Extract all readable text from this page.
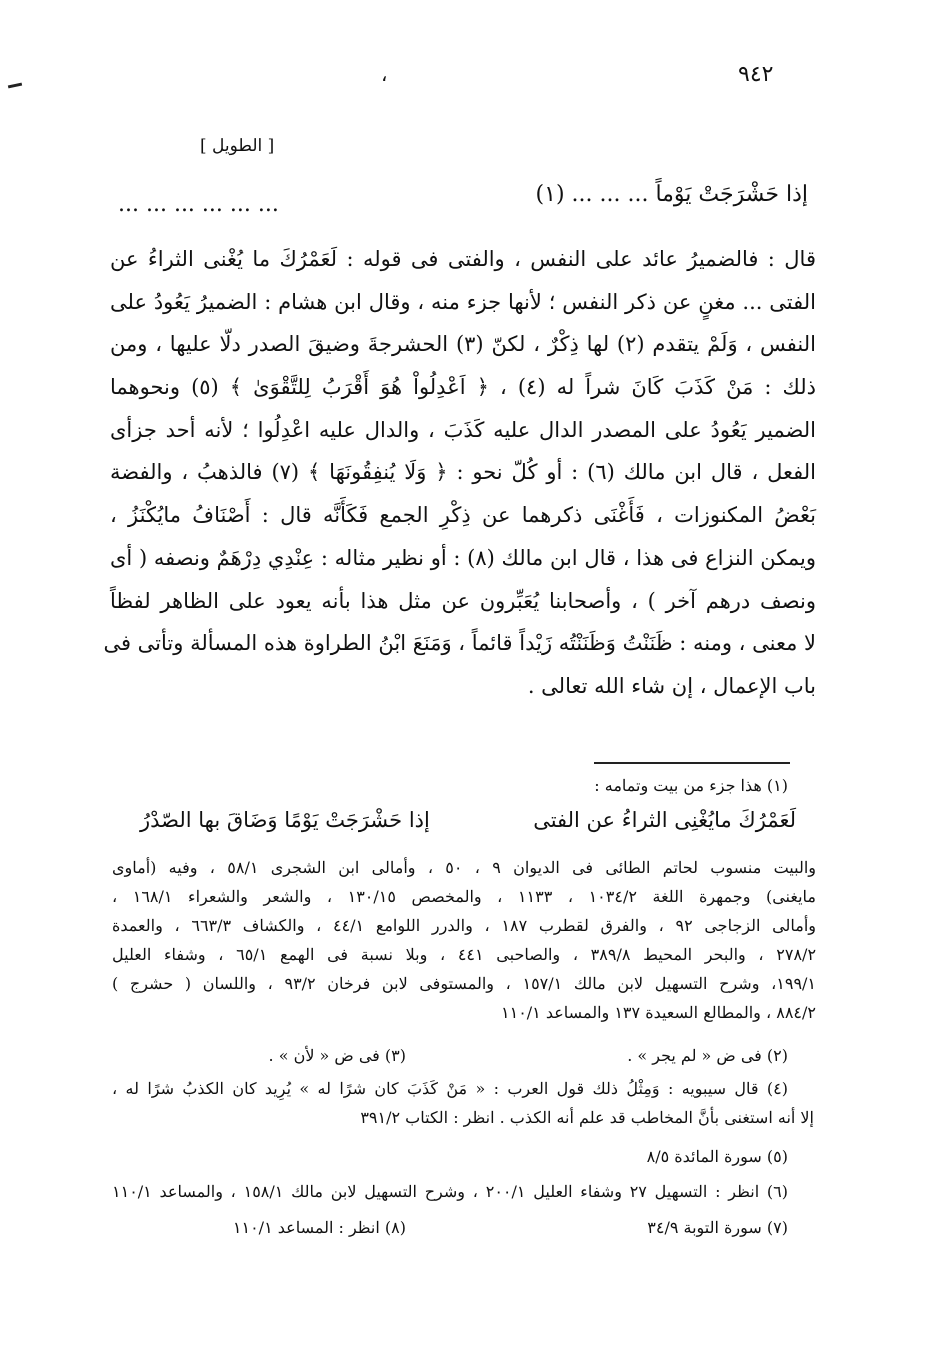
٩٤٢
،
[ الطويل ]
إذا حَشْرَجَتْ يَوْماً ... ... ... (١)
... ... ... ... ... ...
قال : فالضميرُ عائد على النفس ، والفتى فى قوله : لَعَمْرُكَ ما يُغْنى الثراءُ عن
الفتى ... مغنٍ عن ذكر النفس ؛ لأنها جزء منه ، وقال ابن هشام : الضميرُ يَعُودُ على
النفس ، وَلَمْ يتقدم (٢) لها ذِكْرٌ ، لكنّ (٣) الحشرجةَ وضيقَ الصدر دلّا عليها ، ومن
ذلك : مَنْ كَذَبَ كَانَ شراً له (٤) ، ﴿ اَعْدِلُواْ هُوَ أَقْرَبُ لِلتَّقْوَىٰ ﴾ (٥) ونحوهما
الضمير يَعُودُ على المصدر الدال عليه كَذَبَ ، والدال عليه اعْدِلُوا ؛ لأنه أحد جزأى
الفعل ، قال ابن مالك (٦) : أو كُلّ نحو : ﴿ وَلَا يُنفِقُونَهَا ﴾ (٧) فالذهبُ ، والفضة
بَعْضُ المكنوزات ، فَأَغْنَى ذكرهما عن ذِكْرِ الجمع فَكَأَنَّه قال : أَصْنَافُ مايُكْنَزُ ،
ويمكن النزاع فى هذا ، قال ابن مالك (٨) : أو نظير مثاله : عِنْدِي دِرْهَمٌ ونصفه ( أى
ونصف درهم آخر ) ، وأصحابنا يُعَبِّرون عن مثل هذا بأنه يعود على الظاهر لفظاً
لا معنى ، ومنه : ظَنَنْتُ وَظَنَنْتُه زَيْداً قائماً ، وَمَنَعَ ابْنُ الطراوة هذه المسألة وتأتى فى
باب الإعمال ، إن شاء الله تعالى .
(١) هذا جزء من بيت وتمامه :
لَعَمْرُكَ مايُغْنِى الثراءُ عن الفتى
إذا حَشْرَجَتْ يَوْمًا وَضَاقَ بها الصّدْرُ
والبيت منسوب لحاتم الطائى فى الديوان ٩ ، ٥٠ ، وأمالى ابن الشجرى ٥٨/١ ، وفيه (أماوى
مايغنى) وجمهرة اللغة ١٠٣٤/٢ ، ١١٣٣ ، والمخصص ١٣٠/١٥ ، والشعر والشعراء ١٦٨/١ ،
وأمالى الزجاجى ٩٢ ، والفرق لقطرب ١٨٧ ، والدرر اللوامع ٤٤/١ ، والكشاف ٦٦٣/٣ ، والعمدة
٢٧٨/٢ ، والبحر المحيط ٣٨٩/٨ ، والصاحبى ٤٤١ ، وبلا نسبة فى الهمع ٦٥/١ ، وشفاء العليل
١٩٩/١، وشرح التسهيل لابن مالك ١٥٧/١ ، والمستوفى لابن فرخان ٩٣/٢ ، واللسان ( حشرج )
٨٨٤/٢ ، والمطالع السعيدة ١٣٧ والمساعد ١١٠/١
(٢) فى ض « لم يجر » .
(٣) فى ض « لأن » .
(٤) قال سيبويه : وَمِثْلُ ذلك قول العرب : « مَنْ كَذَبَ كان شرًا له » يُرِيد كان الكذبُ شرًا له ،
إلا أنه استغنى بأنَّ المخاطب قد علم أنه الكذب . انظر : الكتاب ٣٩١/٢
(٥) سورة المائدة ٨/٥
(٦) انظر : التسهيل ٢٧ وشفاء العليل ٢٠٠/١ ، وشرح التسهيل لابن مالك ١٥٨/١ ، والمساعد ١١٠/١
(٧) سورة التوبة ٣٤/٩
(٨) انظر : المساعد ١١٠/١
